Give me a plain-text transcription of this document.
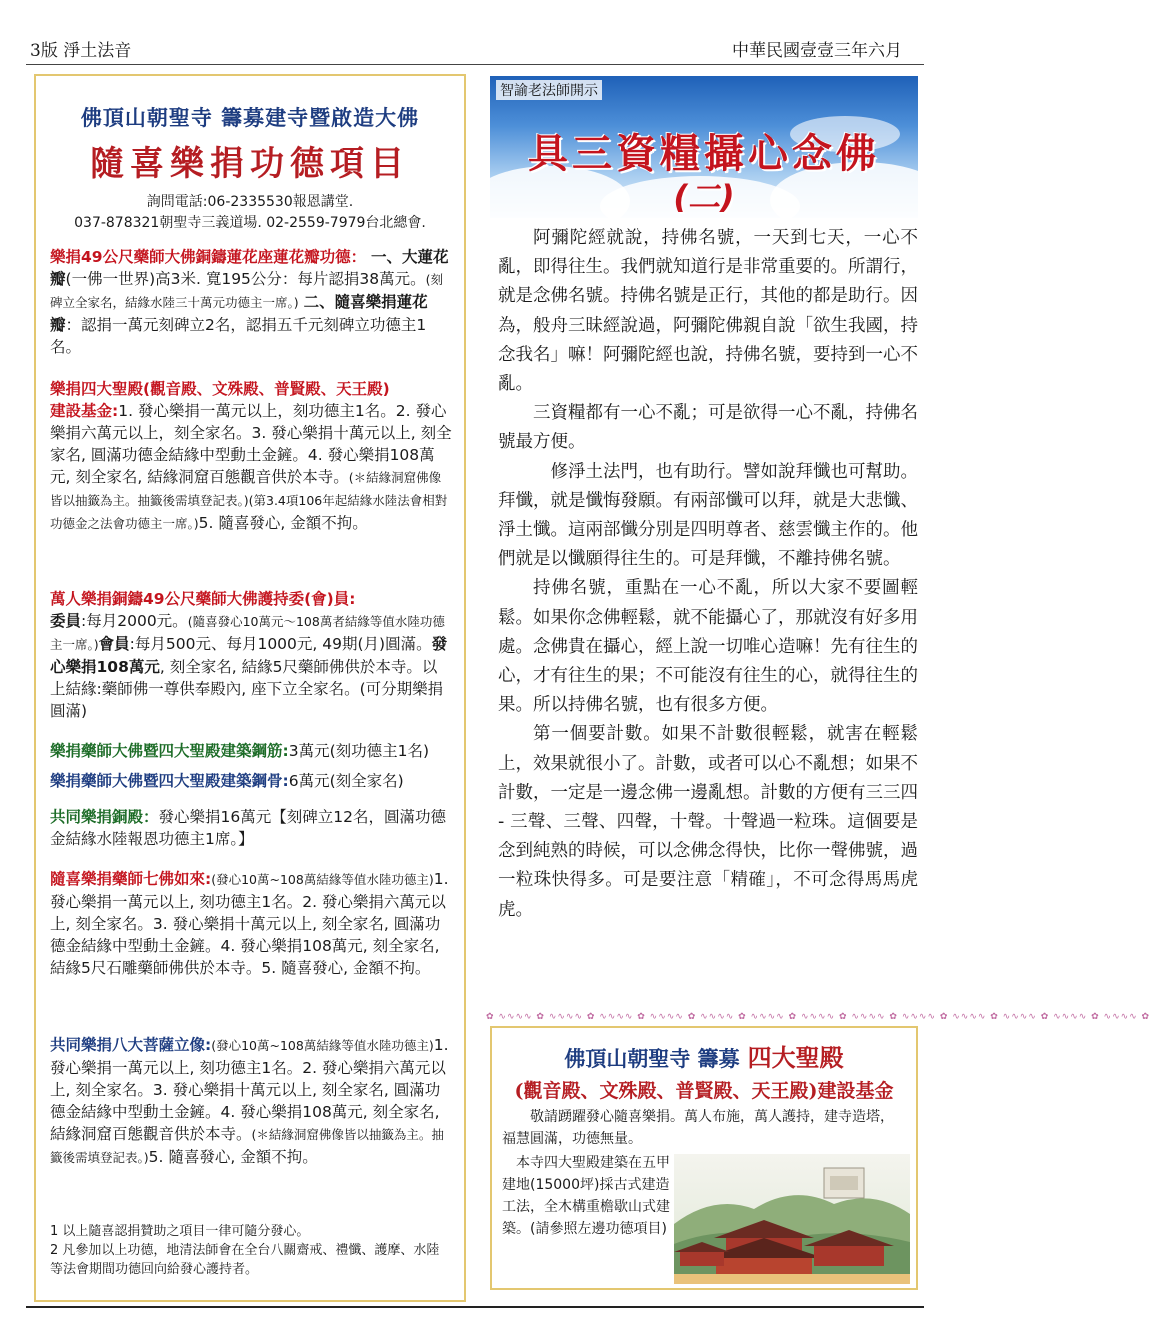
3版 淨土法音	中華民國壹壹三年六月
佛頂山朝聖寺 籌募建寺暨啟造大佛
隨喜樂捐功德項目
詢問電話:06-2335530報恩講堂.
037-878321朝聖寺三義道場. 02-2559-7979台北總會.
樂捐49公尺藥師大佛銅鑄蓮花座蓮花瓣功德： 一、大蓮花瓣(一佛一世界)高3米. 寬195公分：每片認捐38萬元。(刻碑立全家名，結緣水陸三十萬元功德主一席。) 二、隨喜樂捐蓮花瓣：認捐一萬元刻碑立2名，認捐五千元刻碑立功德主1名。
樂捐四大聖殿(觀音殿、文殊殿、普賢殿、天王殿)
建設基金:1. 發心樂捐一萬元以上，刻功德主1名。2. 發心樂捐六萬元以上，刻全家名。3. 發心樂捐十萬元以上, 刻全家名, 圓滿功德金結緣中型動土金鏟。4. 發心樂捐108萬元, 刻全家名, 結緣洞窟百態觀音供於本寺。(＊結緣洞窟佛像皆以抽籤為主。抽籤後需填登記表。)(第3.4項106年起結緣水陸法會相對功德金之法會功德主一席。)5. 隨喜發心, 金額不拘。
萬人樂捐銅鑄49公尺藥師大佛護持委(會)員:
委員:每月2000元。(隨喜發心10萬元～108萬者結緣等值水陸功德主一席。)會員:每月500元、每月1000元, 49期(月)圓滿。發心樂捐108萬元, 刻全家名, 結緣5尺藥師佛供於本寺。以上結緣:藥師佛一尊供奉殿內, 座下立全家名。(可分期樂捐圓滿)
樂捐藥師大佛暨四大聖殿建築鋼筋:3萬元(刻功德主1名)
樂捐藥師大佛暨四大聖殿建築鋼骨:6萬元(刻全家名)
共同樂捐銅殿：發心樂捐16萬元【刻碑立12名，圓滿功德金結緣水陸報恩功德主1席。】
隨喜樂捐藥師七佛如來:(發心10萬~108萬結緣等值水陸功德主)1. 發心樂捐一萬元以上, 刻功德主1名。2. 發心樂捐六萬元以上, 刻全家名。3. 發心樂捐十萬元以上, 刻全家名, 圓滿功德金結緣中型動土金鏟。4. 發心樂捐108萬元, 刻全家名, 結緣5尺石雕藥師佛供於本寺。5. 隨喜發心, 金額不拘。
共同樂捐八大菩薩立像:(發心10萬~108萬結緣等值水陸功德主)1. 發心樂捐一萬元以上, 刻功德主1名。2. 發心樂捐六萬元以上, 刻全家名。3. 發心樂捐十萬元以上, 刻全家名, 圓滿功德金結緣中型動土金鏟。4. 發心樂捐108萬元, 刻全家名, 結緣洞窟百態觀音供於本寺。(＊結緣洞窟佛像皆以抽籤為主。抽籤後需填登記表。)5. 隨喜發心, 金額不拘。
1 以上隨喜認捐贊助之項目一律可隨分發心。
2 凡參加以上功德，地清法師會在全台八關齋戒、禮懺、護摩、水陸等法會期間功德回向給發心護持者。
智諭老法師開示
具三資糧攝心念佛
(二)

阿彌陀經就說，持佛名號，一天到七天，一心不亂，即得往生。我們就知道行是非常重要的。所謂行，就是念佛名號。持佛名號是正行，其他的都是助行。因為，般舟三昧經說過，阿彌陀佛親自說「欲生我國，持念我名」嘛！阿彌陀經也說，持佛名號，要持到一心不亂。

三資糧都有一心不亂；可是欲得一心不亂，持佛名號最方便。

修淨土法門，也有助行。譬如說拜懺也可幫助。拜懺，就是懺悔發願。有兩部懺可以拜，就是大悲懺、淨土懺。這兩部懺分別是四明尊者、慈雲懺主作的。他們就是以懺願得往生的。可是拜懺，不離持佛名號。

持佛名號，重點在一心不亂，所以大家不要圖輕鬆。如果你念佛輕鬆，就不能攝心了，那就沒有好多用處。念佛貴在攝心，經上說一切唯心造嘛！先有往生的心，才有往生的果；不可能沒有往生的心，就得往生的果。所以持佛名號，也有很多方便。

第一個要計數。如果不計數很輕鬆，就害在輕鬆上，效果就很小了。計數，或者可以心不亂想；如果不計數，一定是一邊念佛一邊亂想。計數的方便有三三四 - 三聲、三聲、四聲，十聲。十聲過一粒珠。這個要是念到純熟的時候，可以念佛念得快，比你一聲佛號，過一粒珠快得多。可是要注意「精確」，不可念得馬馬虎虎。

✿ ∿∿∿∿ ✿ ∿∿∿∿ ✿ ∿∿∿∿ ✿ ∿∿∿∿ ✿ ∿∿∿∿ ✿ ∿∿∿∿ ✿ ∿∿∿∿ ✿ ∿∿∿∿ ✿ ∿∿∿∿ ✿ ∿∿∿∿ ✿ ∿∿∿∿ ✿ ∿∿∿∿ ✿ ∿∿∿∿ ✿
佛頂山朝聖寺 籌募 四大聖殿
(觀音殿、文殊殿、普賢殿、天王殿)建設基金
敬請踴躍發心隨喜樂捐。萬人布施，萬人護持，建寺造塔，福慧圓滿，功德無量。
本寺四大聖殿建築在五甲建地(15000坪)採古式建造工法，全木構重檐歇山式建築。(請參照左邊功德項目)
